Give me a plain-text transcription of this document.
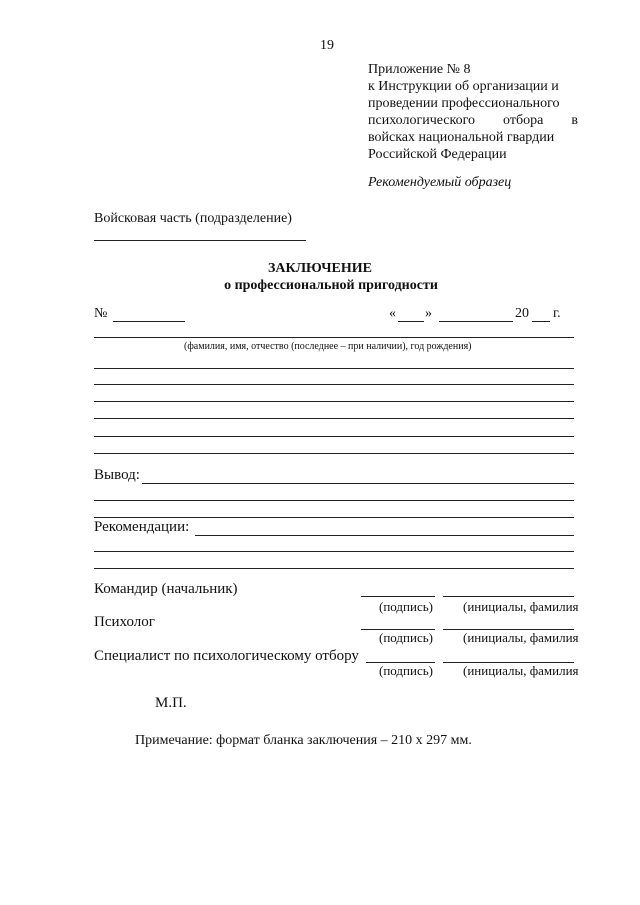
19
Приложение № 8
к Инструкции об организации и
проведении профессионального
психологического отбора в
войсках национальной гвардии
Российской Федерации
Рекомендуемый образец
Войсковая часть (подразделение)
ЗАКЛЮЧЕНИЕ
о профессиональной пригодности
№	« »	20 г.
(фамилия, имя, отчество (последнее – при наличии), год рождения)
Вывод:
Рекомендации:
Командир (начальник)
(подпись) (инициалы, фамилия
Психолог
(подпись) (инициалы, фамилия
Специалист по психологическому отбору
(подпись) (инициалы, фамилия
М.П.
Примечание: формат бланка заключения – 210 х 297 мм.
